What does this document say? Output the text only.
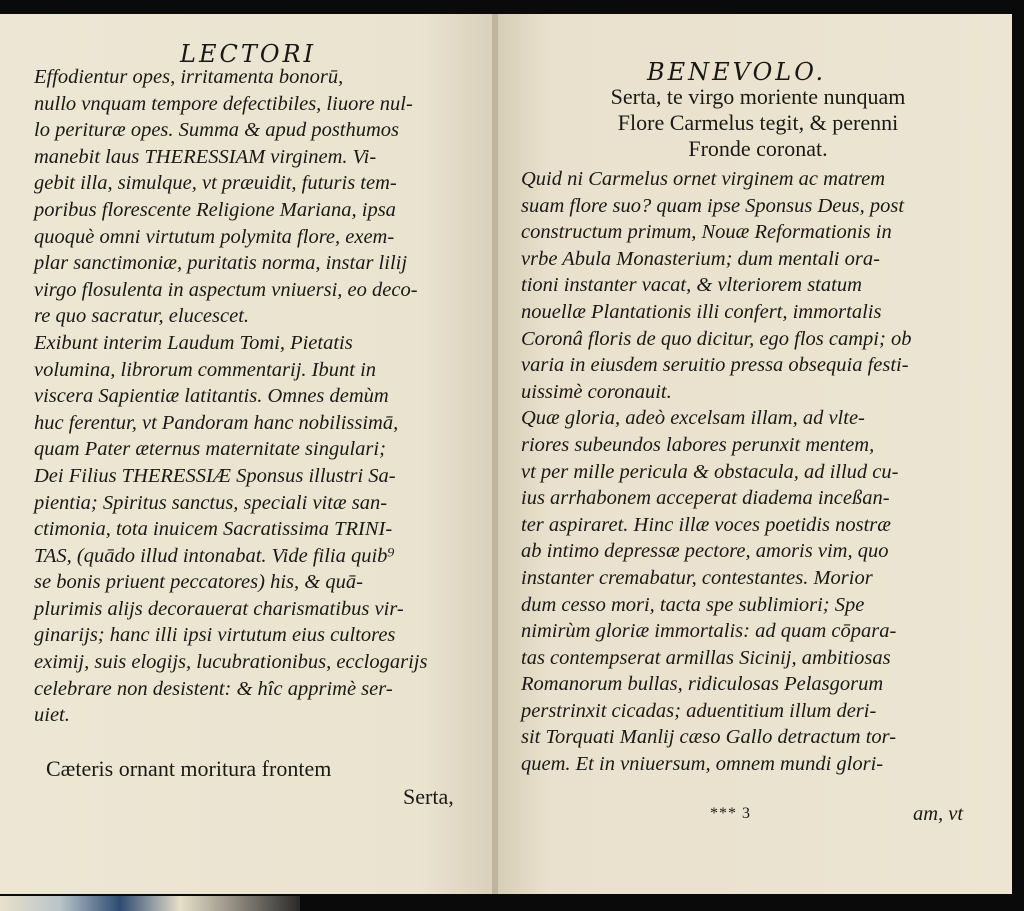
LECTORI
Effodientur opes, irritamenta bonorū,
nullo vnquam tempore defectibiles, liuore nul-
lo perituræ opes. Summa & apud posthumos
manebit laus THERESSIAM virginem. Vi-
gebit illa, simulque, vt præuidit, futuris tem-
poribus florescente Religione Mariana, ipsa
quoquè omni virtutum polymita flore, exem-
plar sanctimoniæ, puritatis norma, instar lilij
virgo flosulenta in aspectum vniuersi, eo deco-
re quo sacratur, elucescet.
Exibunt interim Laudum Tomi, Pietatis
volumina, librorum commentarij. Ibunt in
viscera Sapientiæ latitantis. Omnes demùm
huc ferentur, vt Pandoram hanc nobilissimā,
quam Pater æternus maternitate singulari;
Dei Filius THERESSIÆ Sponsus illustri Sa-
pientia; Spiritus sanctus, speciali vitæ san-
ctimonia, tota inuicem Sacratissima TRINI-
TAS, (quādo illud intonabat. Vide filia quib⁹
se bonis priuent peccatores) his, & quā-
plurimis alijs decorauerat charismatibus vir-
ginarijs; hanc illi ipsi virtutum eius cultores
eximij, suis elogijs, lucubrationibus, ecclogarijs
celebrare non desistent: & hîc apprimè ser-
uiet.
Cæteris ornant moritura frontem
Serta,
BENEVOLO.
Serta, te virgo moriente nunquam
Flore Carmelus tegit, & perenni
Fronde coronat.
Quid ni Carmelus ornet virginem ac matrem
suam flore suo? quam ipse Sponsus Deus, post
constructum primum, Nouæ Reformationis in
vrbe Abula Monasterium; dum mentali ora-
tioni instanter vacat, & vlteriorem statum
nouellæ Plantationis illi confert, immortalis
Coronâ floris de quo dicitur, ego flos campi; ob
varia in eiusdem seruitio pressa obsequia festi-
uissimè coronauit.
Quæ gloria, adeò excelsam illam, ad vlte-
riores subeundos labores perunxit mentem,
vt per mille pericula & obstacula, ad illud cu-
ius arrhabonem acceperat diadema inceßan-
ter aspiraret. Hinc illæ voces poetidis nostræ
ab intimo depressæ pectore, amoris vim, quo
instanter cremabatur, contestantes. Morior
dum cesso mori, tacta spe sublimiori; Spe
nimirùm gloriæ immortalis: ad quam cōpara-
tas contempserat armillas Sicinij, ambitiosas
Romanorum bullas, ridiculosas Pelasgorum
perstrinxit cicadas; aduentitium illum deri-
sit Torquati Manlij cæso Gallo detractum tor-
quem. Et in vniuersum, omnem mundi glori-
*** 3	am, vt
